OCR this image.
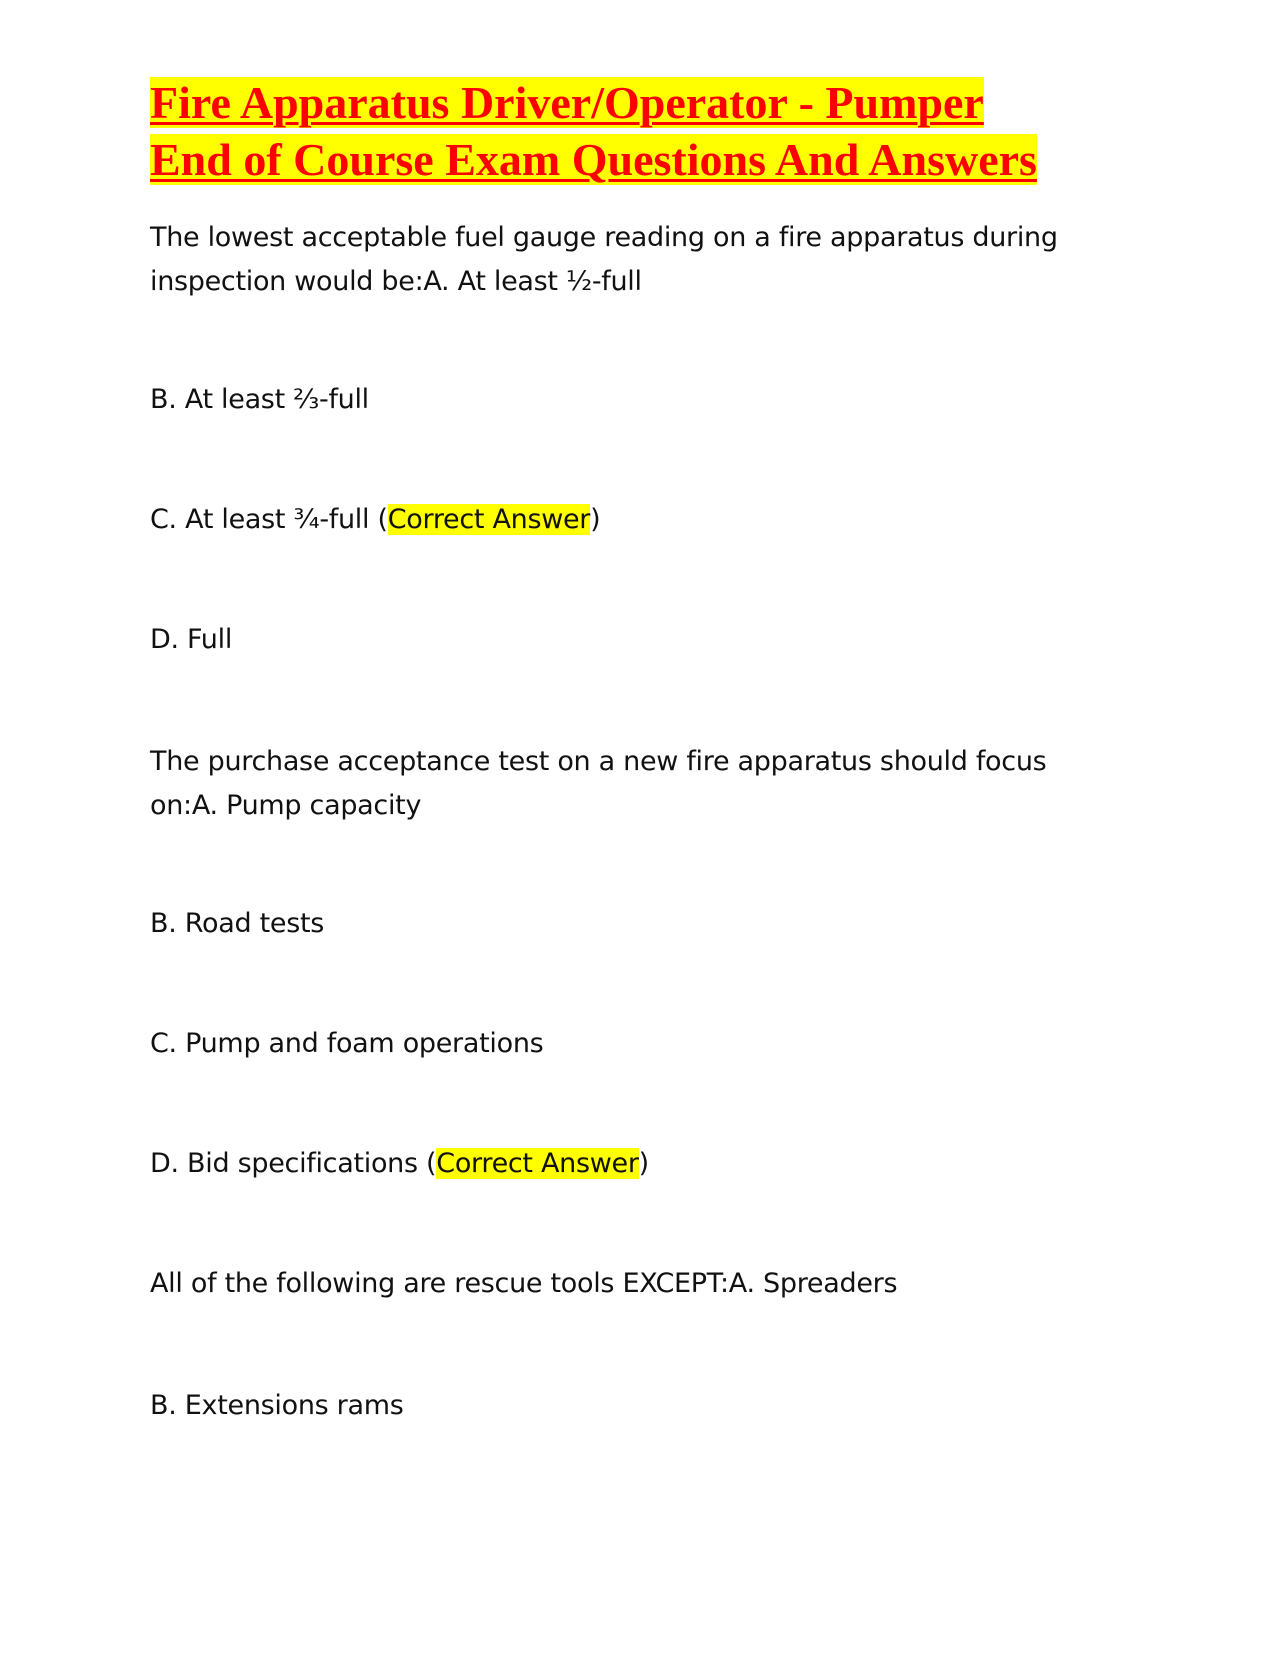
Fire Apparatus Driver/Operator - Pumper
End of Course Exam Questions And Answers

The lowest acceptable fuel gauge reading on a fire apparatus during inspection would be:A. At least ½-full

B. At least ⅔-full

C. At least ¾-full (Correct Answer)

D. Full

The purchase acceptance test on a new fire apparatus should focus on:A. Pump capacity

B. Road tests

C. Pump and foam operations

D. Bid specifications (Correct Answer)

All of the following are rescue tools EXCEPT:A. Spreaders

B. Extensions rams
